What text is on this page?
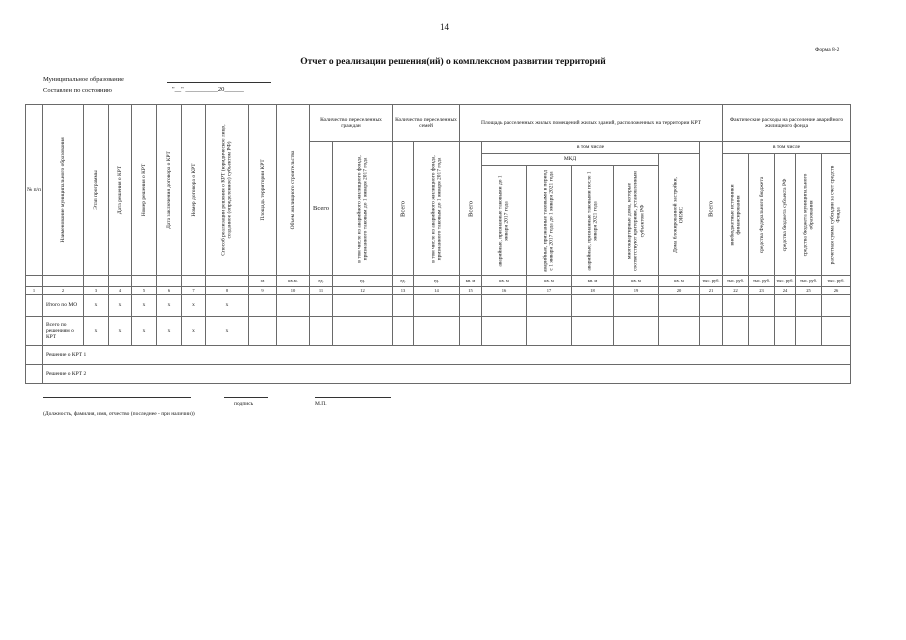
14
Форма 8-2
Отчет о реализации решения(ий) о комплексном развитии территорий
Муниципальное образование
Составлен по состоянию	"__" __________20______
№ п/п	Наименование муниципального образования	Этап программы	Дата решения о КРТ	Номер решения о КРТ	Дата заключения договора о КРТ	Номер договора о КРТ	Способ реализации решения о КРТ (юридическое лицо, созданное (определенное) субъектом РФ)	Площадь территории КРТ	Объем жилищного строительства	Количество переселенных граждан		Количество переселенных семей		Площадь расселенных жилых помещений жилых зданий, расположенных на территории КРТ							Фактические расходы на расселение аварийного жилищного фонда				
										Всего	в том числе из аварийного жилищного фонда, признанного таковым до 1 января 2017 года	Всего	в том числе из аварийного жилищного фонда, признанного таковым до 1 января 2017 года	Всего	в том числе					Всего	в том числе				
															МКД				Дома блокированной застройки, ОИЖС		внебюджетные источники финансирования	средства Федерального бюджета	средства бюджета субъекта РФ	средства бюджета муниципального образования	расчетная сумма субсидии за счет средств Фонда

															аварийные, признанные таковыми до 1 января 2017 года	аварийные, признанные таковыми в период с 1 января 2017 года до 1 января 2021 года	аварийные, признанные таковыми после 1 января 2021 года	многоквартирные дома, которые соответствуют критериям, установленным субъектом РФ							

								га	кв.м.	ед.	ед.	ед.	ед.	кв. м	кв. м	кв. м	кв. м	кв. м	кв. м	тыс. руб.	тыс. руб.	тыс. руб.	тыс. руб.	тыс. руб.	тыс. руб.
1	2	3	4	5	6	7	8	9	10	11	12	13	14	15	16	17	18	19	20	21	22	23	24	25	26
	Итого по МО	х	х	х	х	х	х																		
	Всего по решениям о КРТ	х	х	х	х	х	х																		
	Решение о КРТ 1																								
	Решение о КРТ 2																								
подпись	М.П.
(Должность, фамилия, имя, отчество (последнее - при наличии))
